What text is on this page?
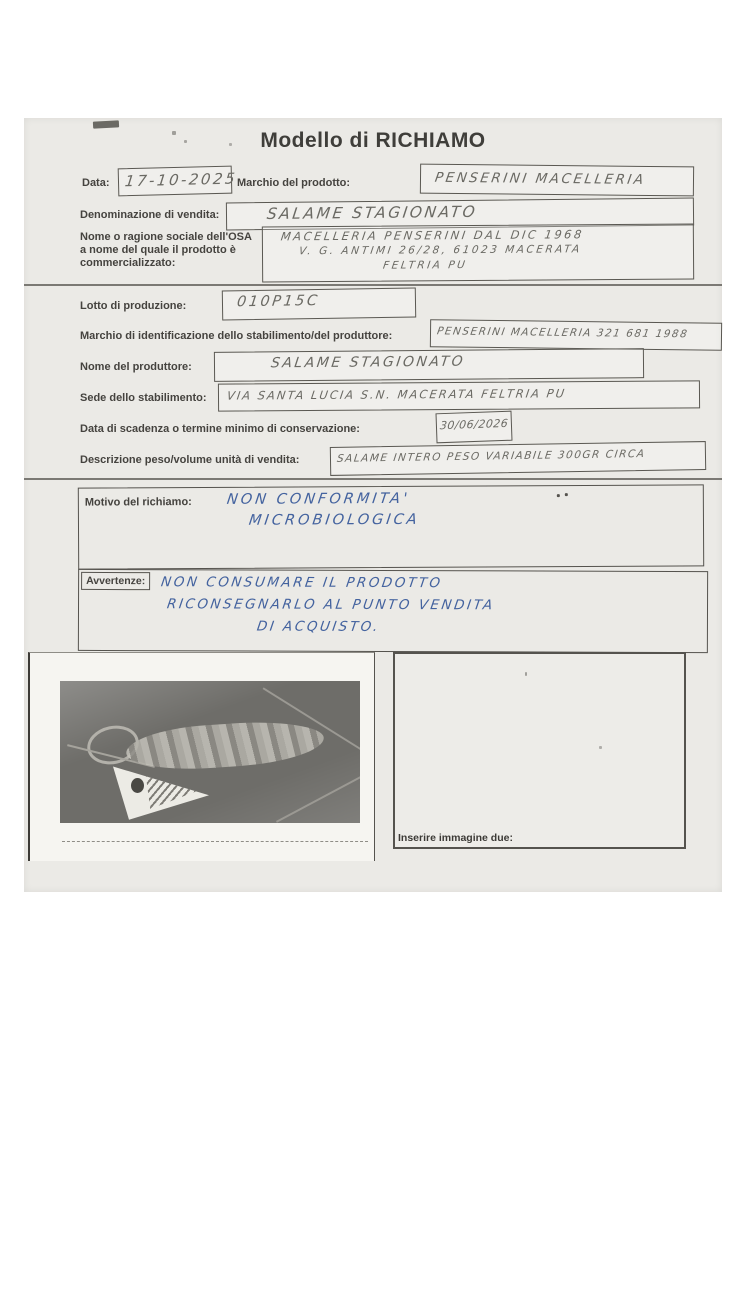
Modello di RICHIAMO
Data: 17-10-2025
Marchio del prodotto:	PENSERINI MACELLERIA
Denominazione di vendita:	SALAME STAGIONATO
Nome o ragione sociale dell'OSA
a nome del quale il prodotto è
commercializzato:
MACELLERIA PENSERINI DAL DIC 1968
V. G. ANTIMI 26/28, 61023 MACERATA
FELTRIA PU
Lotto di produzione:	010P15C
Marchio di identificazione dello stabilimento/del produttore:	PENSERINI MACELLERIA 321 681 1988
Nome del produttore:	SALAME STAGIONATO
Sede dello stabilimento: VIA SANTA LUCIA S.N. MACERATA FELTRIA PU
Data di scadenza o termine minimo di conservazione:	30/06/2026
Descrizione peso/volume unità di vendita:	SALAME INTERO PESO VARIABILE 300GR CIRCA
Motivo del richiamo: NON CONFORMITA'
MICROBIOLOGICA
Avvertenze:	NON CONSUMARE IL PRODOTTO
RICONSEGNARLO AL PUNTO VENDITA
DI ACQUISTO.
Inserire immagine due:
